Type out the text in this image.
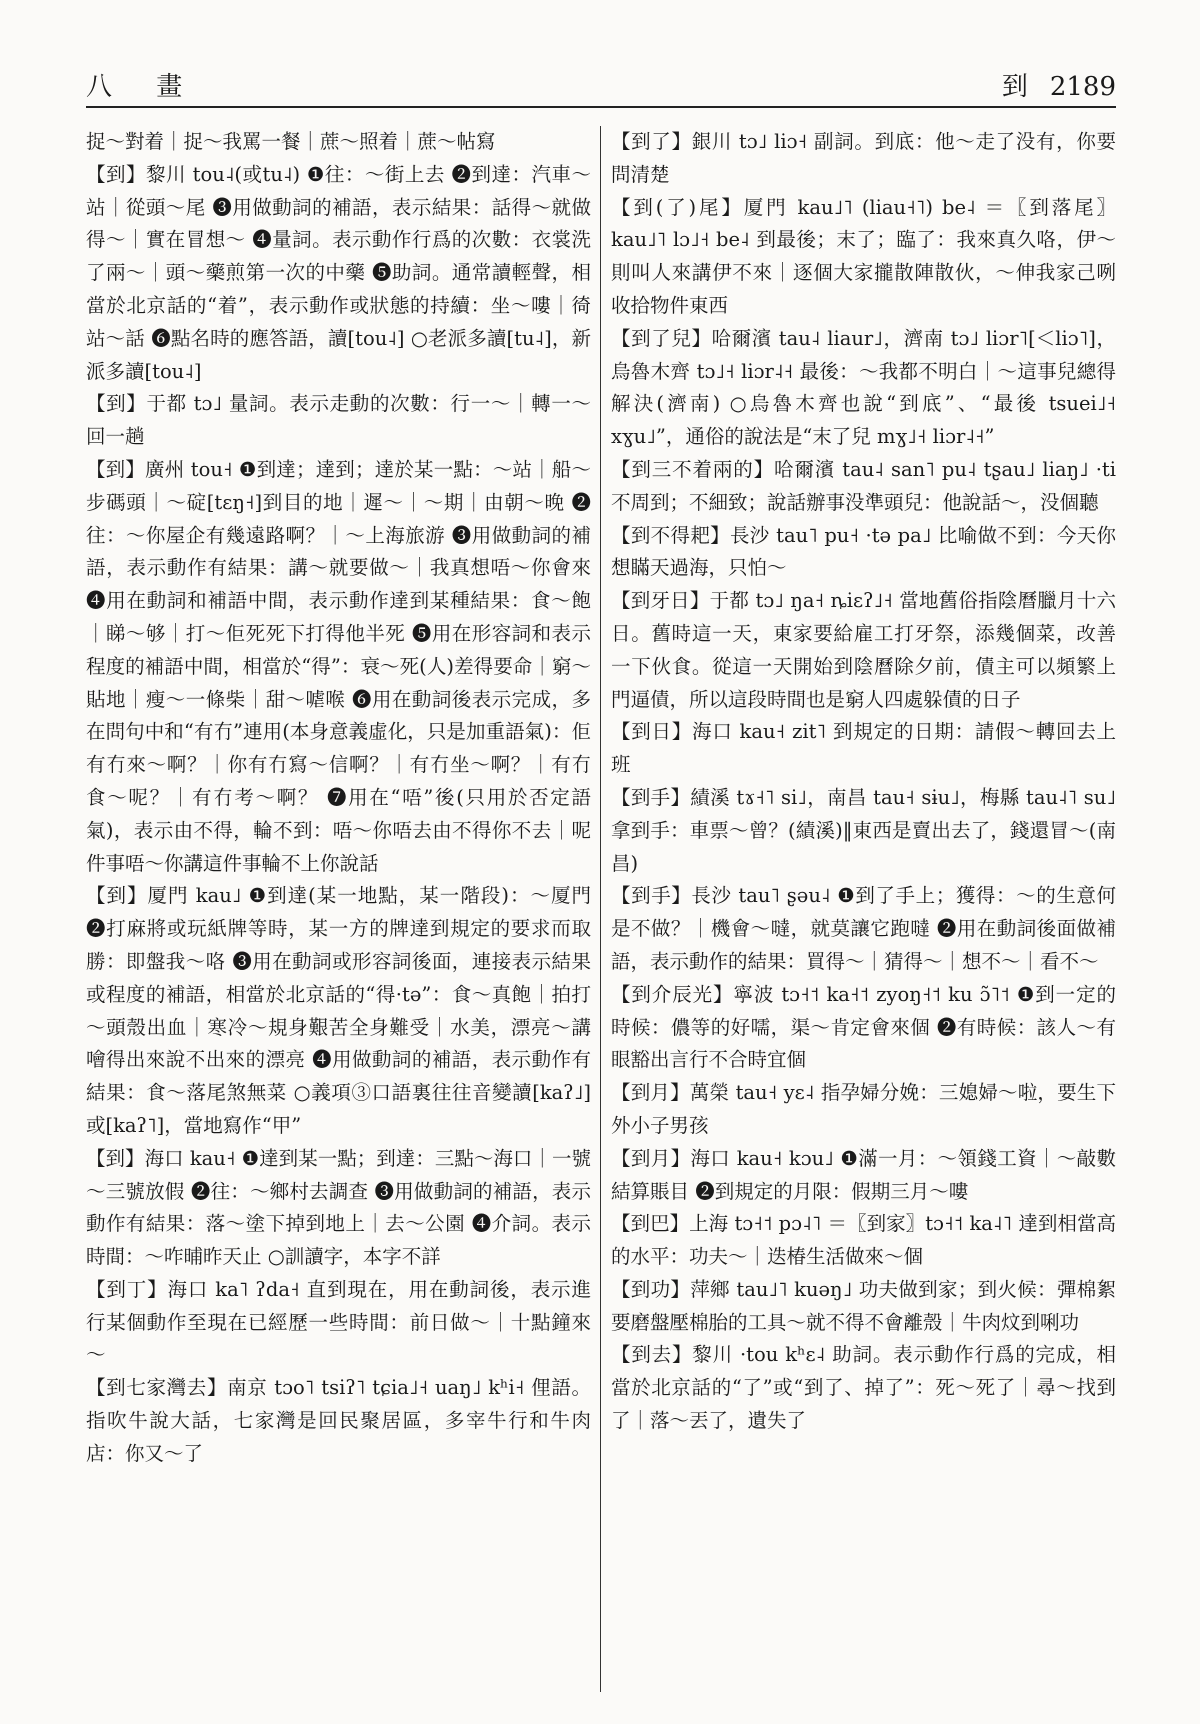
八 畫	到 2189

捉～對着｜捉～我罵一餐｜蔗～照着｜蔗～帖寫

【到】黎川 tou˨(或tu˨) ❶往：～街上去 ❷到達：汽車～站｜從頭～尾 ❸用做動詞的補語，表示結果：話得～就做得～｜實在冒想～ ❹量詞。表示動作行爲的次數：衣裳洗了兩～｜頭～藥煎第一次的中藥 ❺助詞。通常讀輕聲，相當於北京話的“着”，表示動作或狀態的持續：坐～嘍｜徛站～話 ❻點名時的應答語，讀[tou˨] ○老派多讀[tu˨]，新派多讀[tou˨]

【到】于都 tɔ˩ 量詞。表示走動的次數：行一～｜轉一～回一趟

【到】廣州 tou˧ ❶到達；達到；達於某一點：～站｜船～步碼頭｜～碇[tɛŋ˧]到目的地｜遲～｜～期｜由朝～晚 ❷往：～你屋企有幾遠路啊？｜～上海旅游 ❸用做動詞的補語，表示動作有結果：講～就要做～｜我真想唔～你會來 ❹用在動詞和補語中間，表示動作達到某種結果：食～飽｜睇～够｜打～佢死死下打得他半死 ❺用在形容詞和表示程度的補語中間，相當於“得”：衰～死(人)差得要命｜窮～貼地｜瘦～一條柴｜甜～㖸喉 ❻用在動詞後表示完成，多在問句中和“有冇”連用(本身意義虛化，只是加重語氣)：佢有冇來～啊？｜你有冇寫～信啊？｜有冇坐～啊？｜有冇食～呢？｜有冇考～啊？ ❼用在“唔”後(只用於否定語氣)，表示由不得，輪不到：唔～你唔去由不得你不去｜呢件事唔～你講這件事輪不上你說話

【到】厦門 kau˩ ❶到達(某一地點，某一階段)：～厦門 ❷打麻將或玩紙牌等時，某一方的牌達到規定的要求而取勝：即盤我～咯 ❸用在動詞或形容詞後面，連接表示結果或程度的補語，相當於北京話的“得·tə”：食～真飽｜拍打～頭殼出血｜寒冷～規身艱苦全身難受｜水美，漂亮～講噲得出來說不出來的漂亮 ❹用做動詞的補語，表示動作有結果：食～落尾煞無菜 ○義項③口語裏往往音變讀[kaʔ˩]或[kaʔ˥]，當地寫作“甲”

【到】海口 kau˧ ❶達到某一點；到達：三點～海口｜一號～三號放假 ❷往：～鄉村去調查 ❸用做動詞的補語，表示動作有結果：落～塗下掉到地上｜去～公園 ❹介詞。表示時間：～咋晡昨天止 ○訓讀字，本字不詳

【到丁】海口 ka˥ ʔda˧ 直到現在，用在動詞後，表示進行某個動作至現在已經歷一些時間：前日做～｜十點鐘來～

【到七家灣去】南京 tɔo˥ tsiʔ˥ tɕia˩˧ uaŋ˩ kʰi˧ 俚語。指吹牛說大話，七家灣是回民聚居區，多宰牛行和牛肉店：你又～了

【到了】銀川 tɔ˩ liɔ˧ 副詞。到底：他～走了没有，你要問清楚

【到(了)尾】厦門 kau˩˥ (liau˧˥) be˨ ＝〖到落尾〗kau˩˥ lɔ˩˧ be˨ 到最後；末了；臨了：我來真久咯，伊～則叫人來講伊不來｜逐個大家攏散陣散伙，～伸我家己咧收拾物件東西

【到了兒】哈爾濱 tau˨ liaur˩，濟南 tɔ˩ liɔr˥[＜liɔ˥]，烏魯木齊 tɔ˩˧ liɔr˨˧ 最後：～我都不明白｜～這事兒總得解決(濟南) ○烏魯木齊也說“到底”、“最後 tsuei˩˧ xɣu˩”，通俗的說法是“末了兒 mɣ˩˧ liɔr˨˧”

【到三不着兩的】哈爾濱 tau˨ san˥ pu˨ tʂau˩ liaŋ˩ ·ti 不周到；不細致；說話辦事没準頭兒：他說話～，没個聽

【到不得耙】長沙 tau˥ pu˧ ·tə pa˩ 比喻做不到：今天你想瞞天過海，只怕～

【到牙日】于都 tɔ˩ ŋa˧ ȵiɛʔ˩˧ 當地舊俗指陰曆臘月十六日。舊時這一天，東家要給雇工打牙祭，添幾個菜，改善一下伙食。從這一天開始到陰曆除夕前，債主可以頻繁上門逼債，所以這段時間也是窮人四處躲債的日子

【到日】海口 kau˧ zit˥ 到規定的日期：請假～轉回去上班

【到手】績溪 tɤ˧˥ si˩，南昌 tau˧ sɨu˩，梅縣 tau˨˥ su˩ 拿到手：車票～曾？(績溪)‖東西是賣出去了，錢還冒～(南昌)

【到手】長沙 tau˥ ʂəu˨ ❶到了手上；獲得：～的生意何是不做？｜機會～噠，就莫讓它跑噠 ❷用在動詞後面做補語，表示動作的結果：買得～｜猜得～｜想不～｜看不～

【到介辰光】寧波 tɔ˧˦ ka˧˦ zyoŋ˧˦ ku ɔ̃˥˦ ❶到一定的時候：儂等的好嚅，渠～肯定會來個 ❷有時候：該人～有眼豁出言行不合時宜個

【到月】萬榮 tau˧ yɛ˨ 指孕婦分娩：三媳婦～啦，要生下外小子男孩

【到月】海口 kau˧ kɔu˩ ❶滿一月：～領錢工資｜～敲數結算賬目 ❷到規定的月限：假期三月～嘍

【到巴】上海 tɔ˧˦ pɔ˨˥ ＝〖到家〗tɔ˧˦ ka˨˥ 達到相當高的水平：功夫～｜迭椿生活做來～個

【到功】萍鄉 tau˩˥ kuəŋ˩ 功夫做到家；到火候：彈棉絮要磨盤壓棉胎的工具～就不得不會離殼｜牛肉炆到唎功

【到去】黎川 ·tou kʰɛ˨ 助詞。表示動作行爲的完成，相當於北京話的“了”或“到了、掉了”：死～死了｜尋～找到了｜落～丟了，遺失了
